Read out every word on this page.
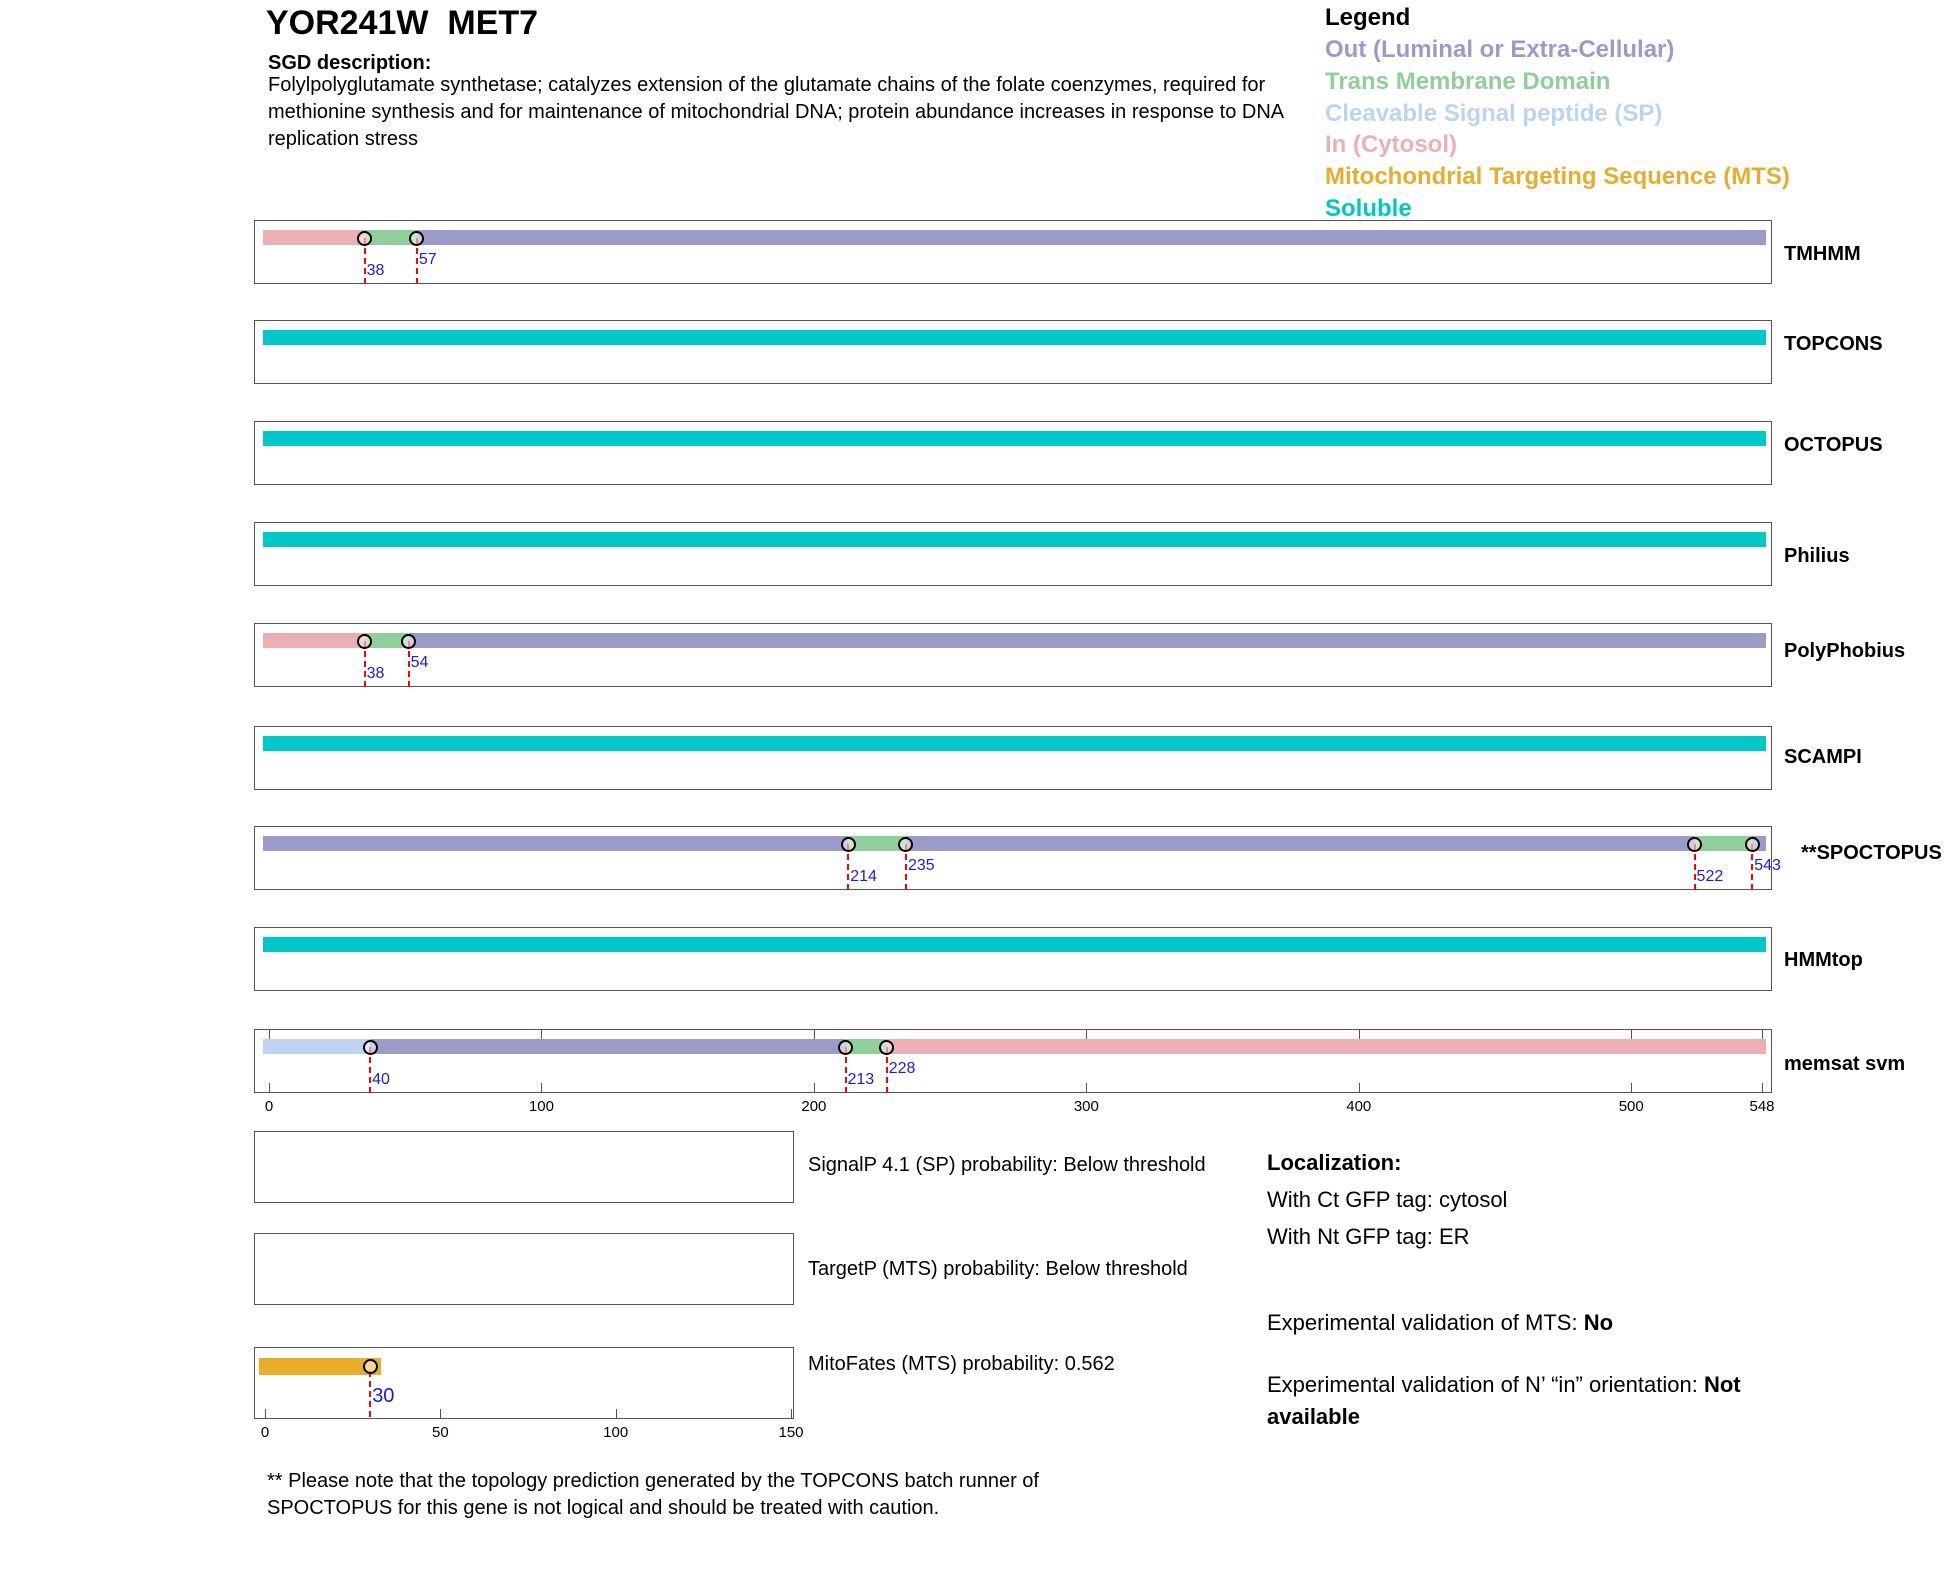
YOR241W MET7
SGD description:
Folylpolyglutamate synthetase; catalyzes extension of the glutamate chains of the folate coenzymes, required for methionine synthesis and for maintenance of mitochondrial DNA; protein abundance increases in response to DNA replication stress
Legend
Out (Luminal or Extra-Cellular)
Trans Membrane Domain
Cleavable Signal peptide (SP)
In (Cytosol)
Mitochondrial Targeting Sequence (MTS)
Soluble
TMHMM
38
57
TOPCONS
OCTOPUS
Philius
PolyPhobius
38
54
SCAMPI
**SPOCTOPUS
214
235
522
543
HMMtop
memsat svm
40	213
228
0	100	200	300	400	500	548
SignalP 4.1 (SP) probability: Below threshold
TargetP (MTS) probability: Below threshold
MitoFates (MTS) probability: 0.562
30
0	50	100	150
Localization:
With Ct GFP tag: cytosol
With Nt GFP tag: ER
Experimental validation of MTS: No
Experimental validation of N’ “in” orientation: Not available
** Please note that the topology prediction generated by the TOPCONS batch runner of SPOCTOPUS for this gene is not logical and should be treated with caution.
